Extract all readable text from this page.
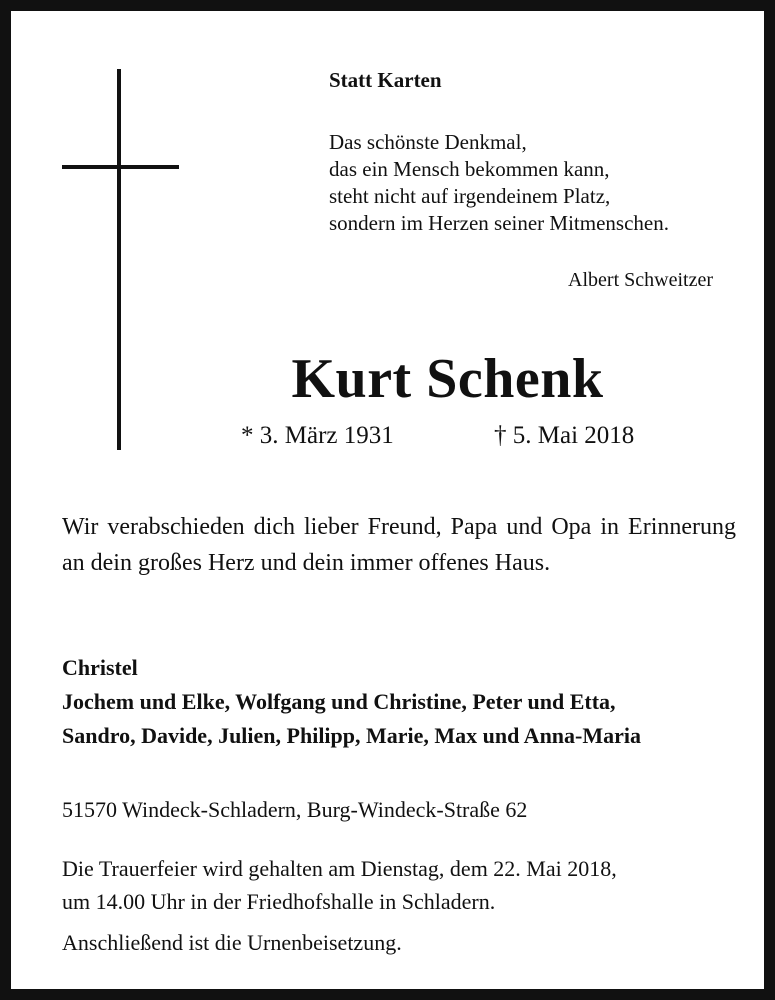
Statt Karten
Das schönste Denkmal,
das ein Mensch bekommen kann,
steht nicht auf irgendeinem Platz,
sondern im Herzen seiner Mitmenschen.
Albert Schweitzer
Kurt Schenk
* 3. März 1931	† 5. Mai 2018
Wir verabschieden dich lieber Freund, Papa und Opa in Erinnerung an dein großes Herz und dein immer offenes Haus.
Christel
Jochem und Elke, Wolfgang und Christine, Peter und Etta,
Sandro, Davide, Julien, Philipp, Marie, Max und Anna-Maria
51570 Windeck-Schladern, Burg-Windeck-Straße 62
Die Trauerfeier wird gehalten am Dienstag, dem 22. Mai 2018,
um 14.00 Uhr in der Friedhofshalle in Schladern.
Anschließend ist die Urnenbeisetzung.
